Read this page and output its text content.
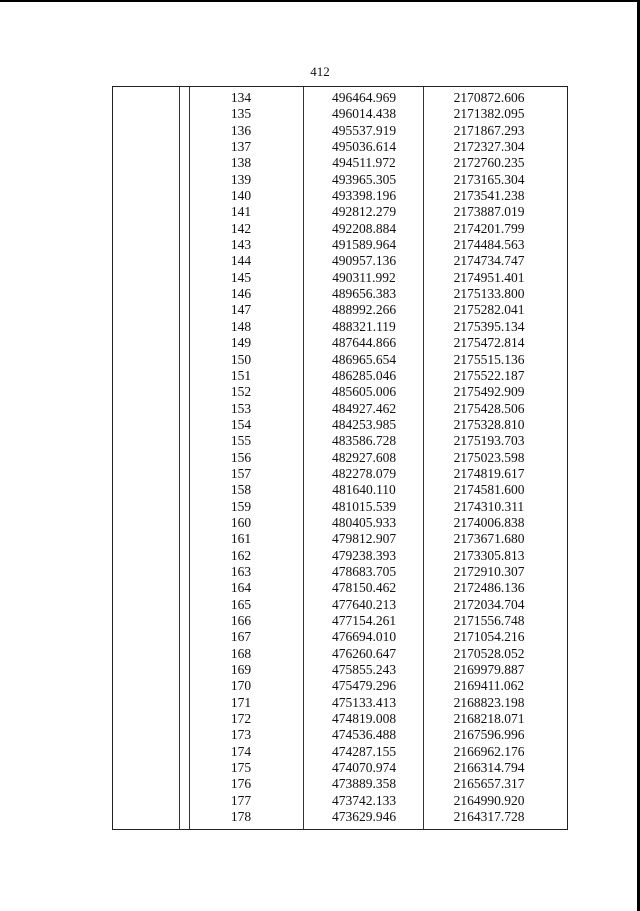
412
134	496464.969	2170872.606
135	496014.438	2171382.095
136	495537.919	2171867.293
137	495036.614	2172327.304
138	494511.972	2172760.235
139	493965.305	2173165.304
140	493398.196	2173541.238
141	492812.279	2173887.019
142	492208.884	2174201.799
143	491589.964	2174484.563
144	490957.136	2174734.747
145	490311.992	2174951.401
146	489656.383	2175133.800
147	488992.266	2175282.041
148	488321.119	2175395.134
149	487644.866	2175472.814
150	486965.654	2175515.136
151	486285.046	2175522.187
152	485605.006	2175492.909
153	484927.462	2175428.506
154	484253.985	2175328.810
155	483586.728	2175193.703
156	482927.608	2175023.598
157	482278.079	2174819.617
158	481640.110	2174581.600
159	481015.539	2174310.311
160	480405.933	2174006.838
161	479812.907	2173671.680
162	479238.393	2173305.813
163	478683.705	2172910.307
164	478150.462	2172486.136
165	477640.213	2172034.704
166	477154.261	2171556.748
167	476694.010	2171054.216
168	476260.647	2170528.052
169	475855.243	2169979.887
170	475479.296	2169411.062
171	475133.413	2168823.198
172	474819.008	2168218.071
173	474536.488	2167596.996
174	474287.155	2166962.176
175	474070.974	2166314.794
176	473889.358	2165657.317
177	473742.133	2164990.920
178	473629.946	2164317.728
